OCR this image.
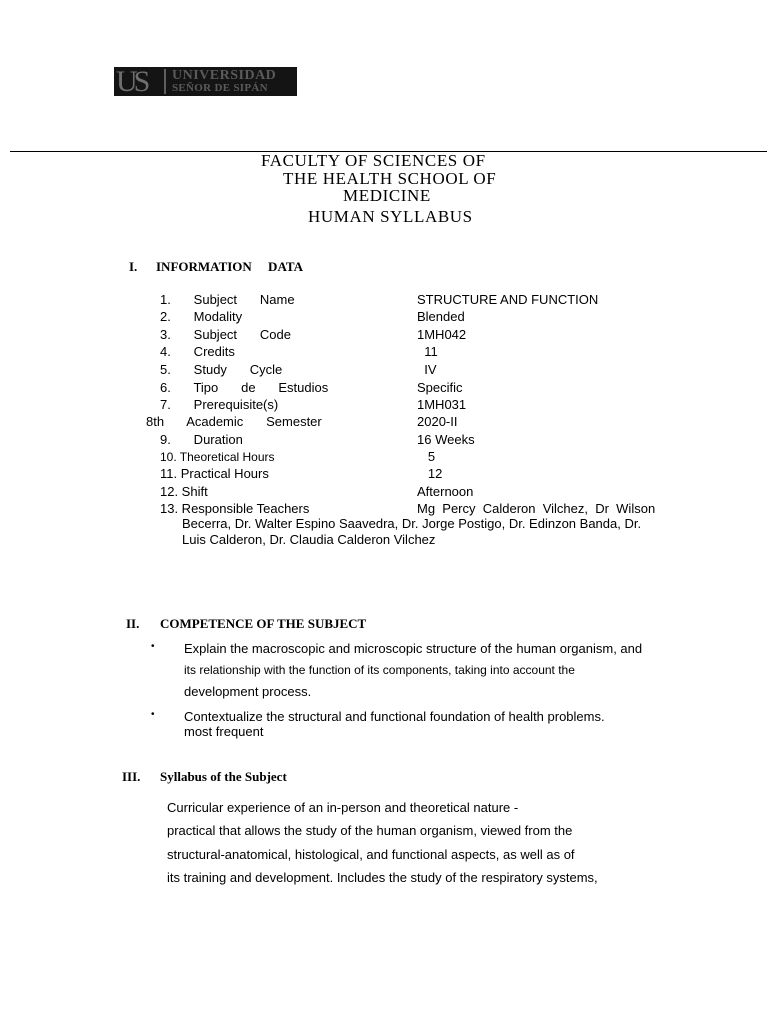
US	UNIVERSIDAD
SEÑOR DE SIPÁN
FACULTY OF SCIENCES OF
THE HEALTH SCHOOL OF
MEDICINE
HUMAN SYLLABUS
I. INFORMATION     DATA
1.   Subject   Name	STRUCTURE AND FUNCTION
2.   Modality	Blended
3.   Subject   Code	1MH042
4.   Credits	11
5.   Study   Cycle	IV
6.   Tipo   de   Estudios	Specific
7.   Prerequisite(s)	1MH031
8th   Academic   Semester	2020-II
9.   Duration	16 Weeks
10. Theoretical Hours	5
11. Practical Hours	12
12. Shift	Afternoon
13. Responsible Teachers	Mg  Percy  Calderon  Vilchez,  Dr  Wilson
Becerra, Dr. Walter Espino Saavedra, Dr. Jorge Postigo, Dr. Edinzon Banda, Dr.
Luis Calderon, Dr. Claudia Calderon Vilchez
II. COMPETENCE OF THE SUBJECT
• Explain the macroscopic and microscopic structure of the human organism, and
its relationship with the function of its components, taking into account the
development process.
• Contextualize the structural and functional foundation of health problems.
most frequent
III. Syllabus of the Subject
Curricular experience of an in-person and theoretical nature -
practical that allows the study of the human organism, viewed from the
structural-anatomical, histological, and functional aspects, as well as of
its training and development. Includes the study of the respiratory systems,
